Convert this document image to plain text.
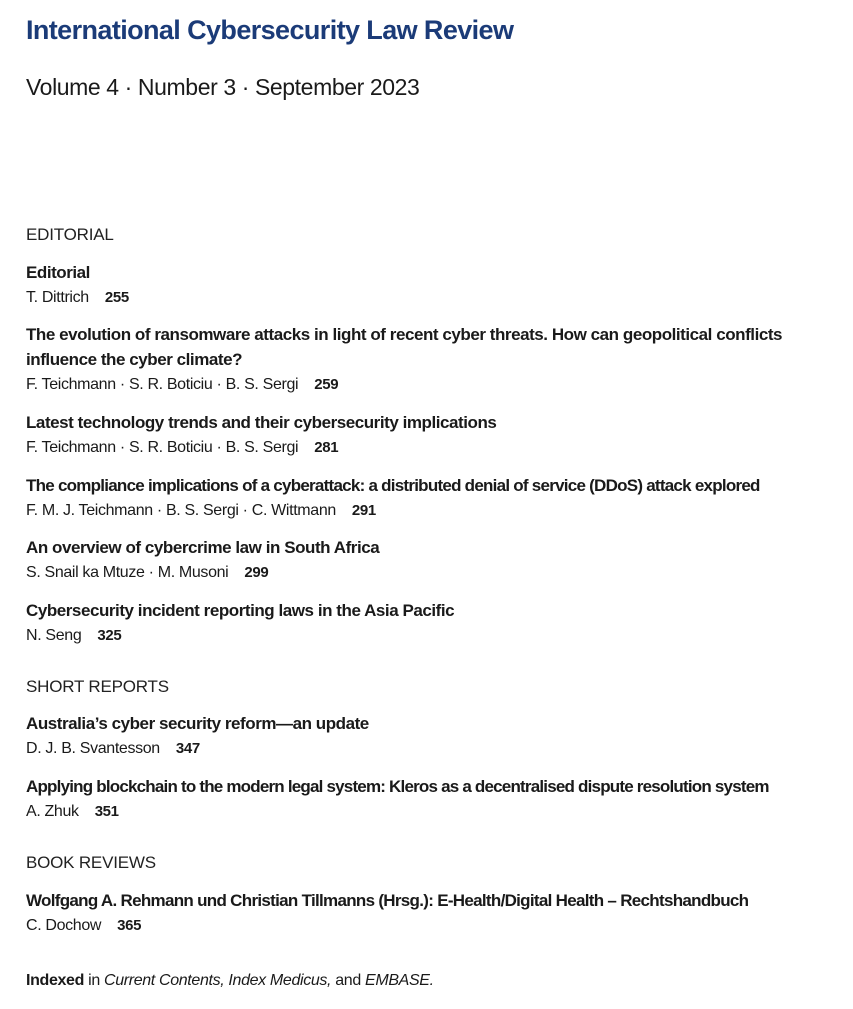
International Cybersecurity Law Review
Volume 4 · Number 3 · September 2023
EDITORIAL
Editorial
T. Dittrich 255
The evolution of ransomware attacks in light of recent cyber threats. How can geopolitical conflicts influence the cyber climate?
F. Teichmann · S. R. Boticiu · B. S. Sergi 259
Latest technology trends and their cybersecurity implications
F. Teichmann · S. R. Boticiu · B. S. Sergi 281
The compliance implications of a cyberattack: a distributed denial of service (DDoS) attack explored
F. M. J. Teichmann · B. S. Sergi · C. Wittmann 291
An overview of cybercrime law in South Africa
S. Snail ka Mtuze · M. Musoni 299
Cybersecurity incident reporting laws in the Asia Pacific
N. Seng 325
SHORT REPORTS
Australia’s cyber security reform—an update
D. J. B. Svantesson 347
Applying blockchain to the modern legal system: Kleros as a decentralised dispute resolution system
A. Zhuk 351
BOOK REVIEWS
Wolfgang A. Rehmann und Christian Tillmanns (Hrsg.): E-Health/Digital Health – Rechtshandbuch
C. Dochow 365
Indexed in Current Contents, Index Medicus, and EMBASE.
